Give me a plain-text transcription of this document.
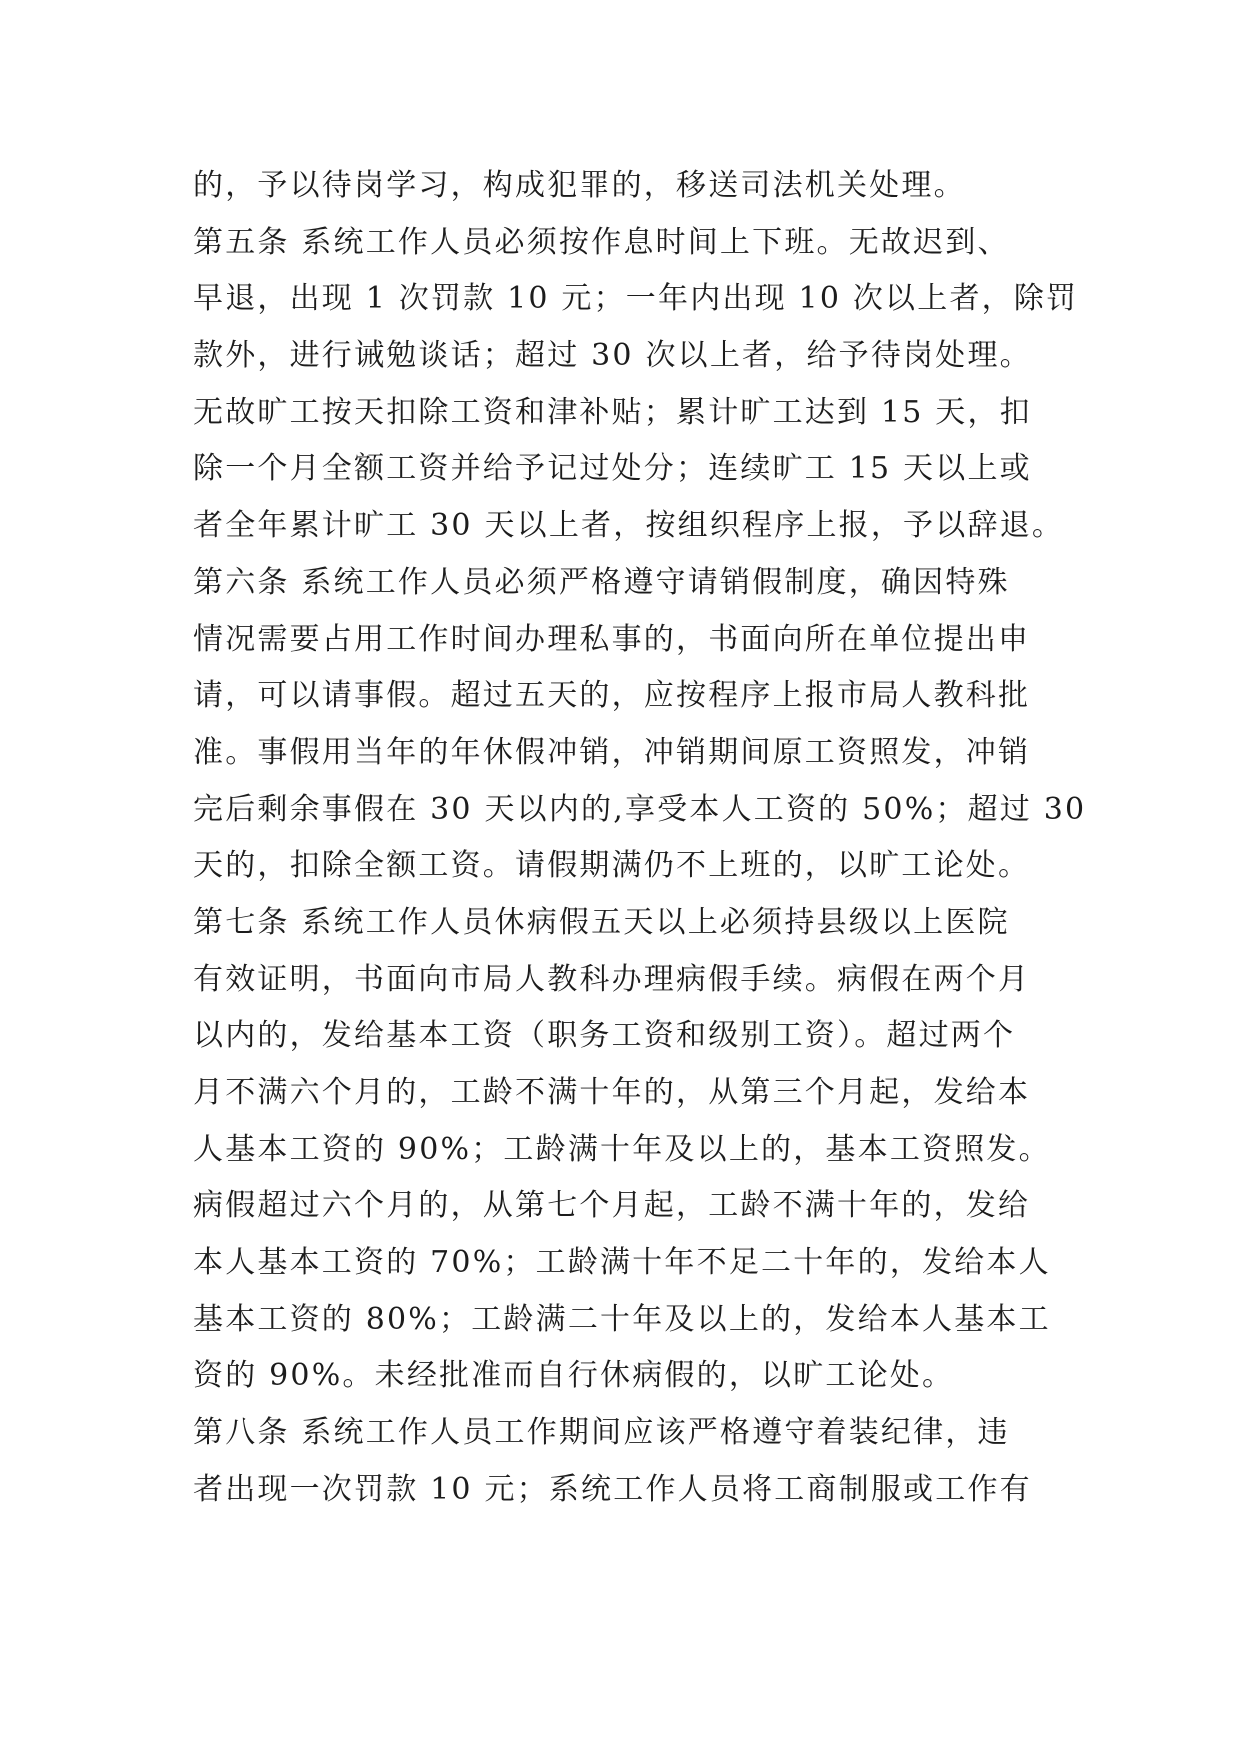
的，予以待岗学习，构成犯罪的，移送司法机关处理。
第五条 系统工作人员必须按作息时间上下班。无故迟到、
早退，出现 1 次罚款 10 元；一年内出现 10 次以上者，除罚
款外，进行诫勉谈话；超过 30 次以上者，给予待岗处理。
无故旷工按天扣除工资和津补贴；累计旷工达到 15 天，扣
除一个月全额工资并给予记过处分；连续旷工 15 天以上或
者全年累计旷工 30 天以上者，按组织程序上报，予以辞退。
第六条 系统工作人员必须严格遵守请销假制度，确因特殊
情况需要占用工作时间办理私事的，书面向所在单位提出申
请，可以请事假。超过五天的，应按程序上报市局人教科批
准。事假用当年的年休假冲销，冲销期间原工资照发，冲销
完后剩余事假在 30 天以内的,享受本人工资的 50%；超过 30
天的，扣除全额工资。请假期满仍不上班的，以旷工论处。
第七条 系统工作人员休病假五天以上必须持县级以上医院
有效证明，书面向市局人教科办理病假手续。病假在两个月
以内的，发给基本工资（职务工资和级别工资）。超过两个
月不满六个月的，工龄不满十年的，从第三个月起，发给本
人基本工资的 90%；工龄满十年及以上的，基本工资照发。
病假超过六个月的，从第七个月起，工龄不满十年的，发给
本人基本工资的 70%；工龄满十年不足二十年的，发给本人
基本工资的 80%；工龄满二十年及以上的，发给本人基本工
资的 90%。未经批准而自行休病假的，以旷工论处。
第八条 系统工作人员工作期间应该严格遵守着装纪律，违
者出现一次罚款 10 元；系统工作人员将工商制服或工作有
